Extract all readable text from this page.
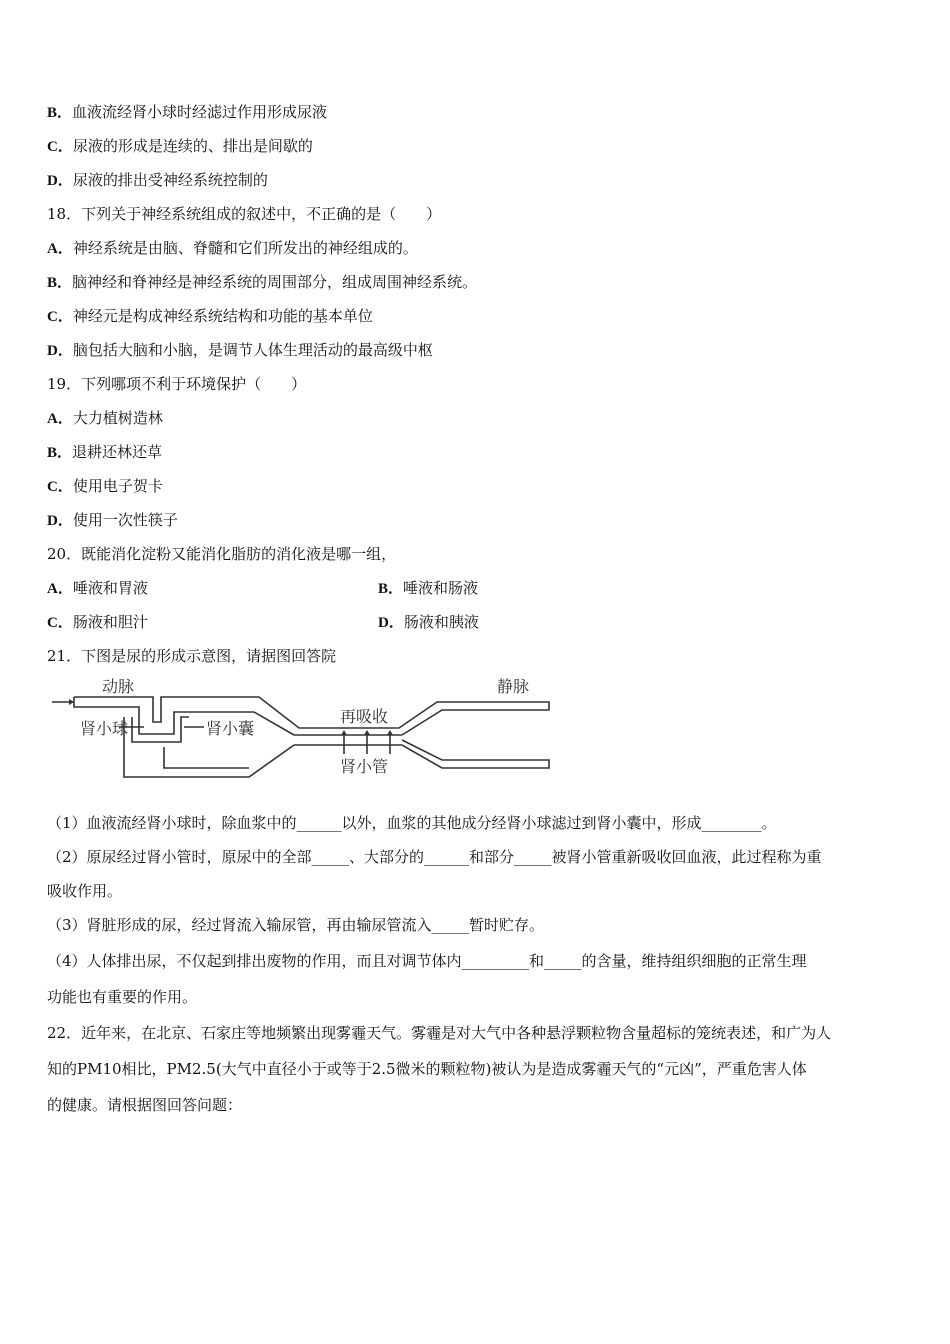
B．血液流经肾小球时经滤过作用形成尿液
C．尿液的形成是连续的、排出是间歇的
D．尿液的排出受神经系统控制的
18．下列关于神经系统组成的叙述中，不正确的是（　　）
A．神经系统是由脑、脊髓和它们所发出的神经组成的。
B．脑神经和脊神经是神经系统的周围部分，组成周围神经系统。
C．神经元是构成神经系统结构和功能的基本单位
D．脑包括大脑和小脑，是调节人体生理活动的最高级中枢
19．下列哪项不利于环境保护（　　）
A．大力植树造林
B．退耕还林还草
C．使用电子贺卡
D．使用一次性筷子
20．既能消化淀粉又能消化脂肪的消化液是哪一组，
A．唾液和胃液	B．唾液和肠液
C．肠液和胆汁	D．肠液和胰液
21．下图是尿的形成示意图，请据图回答院
动脉	静脉
肾小球	肾小囊
再吸收
肾小管
（1）血液流经肾小球时，除血浆中的______以外，血浆的其他成分经肾小球滤过到肾小囊中，形成________。
（2）原尿经过肾小管时，原尿中的全部_____、大部分的______和部分_____被肾小管重新吸收回血液，此过程称为重
吸收作用。
（3）肾脏形成的尿，经过肾流入输尿管，再由输尿管流入_____暂时贮存。
（4）人体排出尿，不仅起到排出废物的作用，而且对调节体内_________和_____的含量，维持组织细胞的正常生理
功能也有重要的作用。
22．近年来，在北京、石家庄等地频繁出现雾霾天气。雾霾是对大气中各种悬浮颗粒物含量超标的笼统表述，和广为人
知的PM10相比，PM2.5(大气中直径小于或等于2.5微米的颗粒物)被认为是造成雾霾天气的“元凶”，严重危害人体
的健康。请根据图回答问题：
